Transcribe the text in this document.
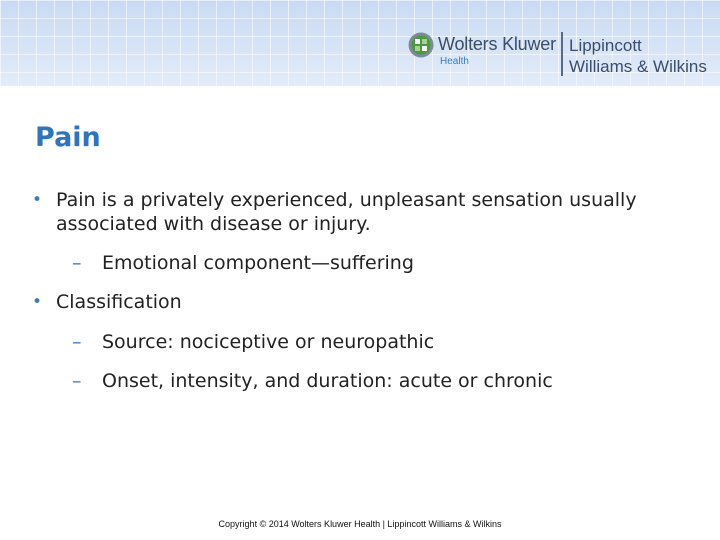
Wolters Kluwer
Health
Lippincott
Williams & Wilkins
Pain
• Pain is a privately experienced, unpleasant sensation usually associated with disease or injury.
– Emotional component—suffering
• Classification
– Source: nociceptive or neuropathic
– Onset, intensity, and duration: acute or chronic
Copyright © 2014 Wolters Kluwer Health | Lippincott Williams & Wilkins
